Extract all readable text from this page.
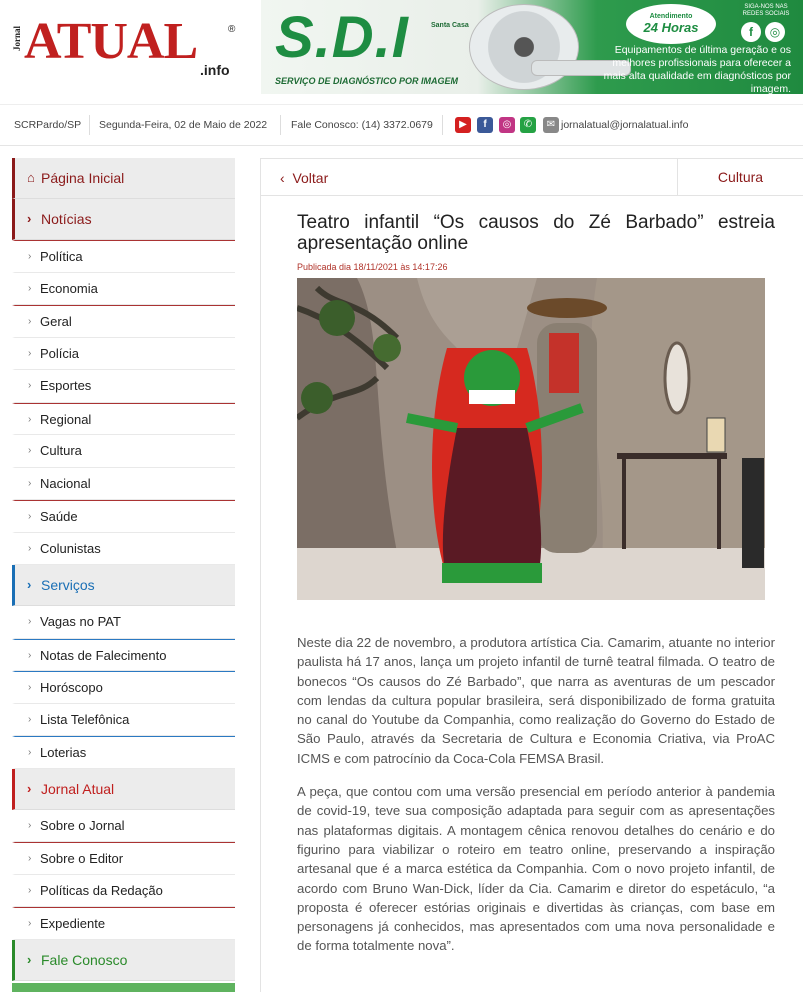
Jornal ATUAL	®
.info S.D.I
SERVIÇO DE DIAGNÓSTICO POR IMAGEM
Santa Casa
Atendimento
24 Horas
SIGA-NOS NAS REDES SOCIAIS
f ◎
Equipamentos de última geração e os melhores profissionais para oferecer a mais alta qualidade em diagnósticos por imagem.
SCRPardo/SP Segunda-Feira, 02 de Maio de 2022 Fale Conosco: (14) 3372.0679	▶	f	◎	✆	✉ jornalatual@jornalatual.info
⌂ Página Inicial
› Notícias
› Política
› Economia
› Geral
› Polícia
› Esportes
› Regional
› Cultura
› Nacional
› Saúde
› Colunistas
› Serviços
› Vagas no PAT
› Notas de Falecimento
› Horóscopo
› Lista Telefônica
› Loterias
› Jornal Atual
› Sobre o Jornal
› Sobre o Editor
› Políticas da Redação
› Expediente
› Fale Conosco
‹ Voltar	Cultura
Teatro infantil “Os causos do Zé Barbado” estreia apresentação online
Publicada dia 18/11/2021 às 14:17:26

Neste dia 22 de novembro, a produtora artística Cia. Camarim, atuante no interior paulista há 17 anos, lança um projeto infantil de turnê teatral filmada. O teatro de bonecos “Os causos do Zé Barbado”, que narra as aventuras de um pescador com lendas da cultura popular brasileira, será disponibilizado de forma gratuita no canal do Youtube da Companhia, como realização do Governo do Estado de São Paulo, através da Secretaria de Cultura e Economia Criativa, via ProAC ICMS e com patrocínio da Coca-Cola FEMSA Brasil.

A peça, que contou com uma versão presencial em período anterior à pandemia de covid-19, teve sua composição adaptada para seguir com as apresentações nas plataformas digitais. A montagem cênica renovou detalhes do cenário e do figurino para viabilizar o roteiro em teatro online, preservando a inspiração artesanal que é a marca estética da Companhia. Com o novo projeto infantil, de acordo com Bruno Wan-Dick, líder da Cia. Camarim e diretor do espetáculo, “a proposta é oferecer estórias originais e divertidas às crianças, com base em personagens já conhecidos, mas apresentados com uma nova personalidade e de forma totalmente nova”.
